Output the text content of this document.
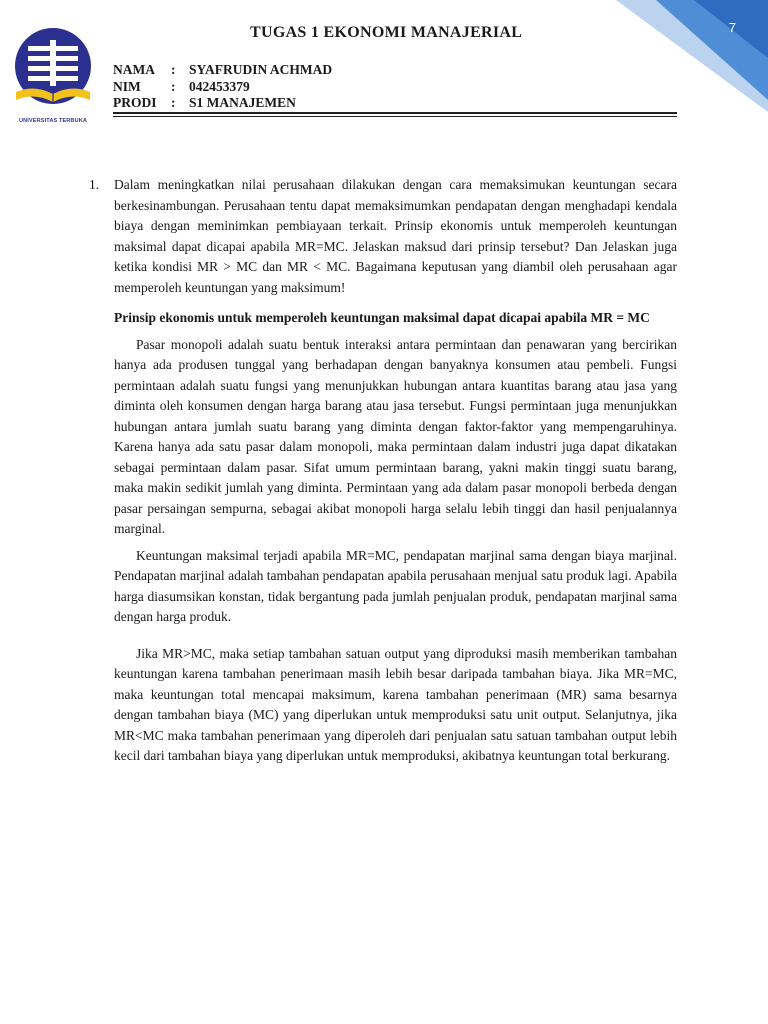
7
UNIVERSITAS TERBUKA
TUGAS 1 EKONOMI MANAJERIAL
NAMA	:	SYAFRUDIN ACHMAD
NIM	:	042453379
PRODI	:	S1 MANAJEMEN
1. Dalam meningkatkan nilai perusahaan dilakukan dengan cara memaksimukan keuntungan secara berkesinambungan. Perusahaan tentu dapat memaksimumkan pendapatan dengan menghadapi kendala biaya dengan meminimkan pembiayaan terkait. Prinsip ekonomis untuk memperoleh keuntungan maksimal dapat dicapai apabila MR=MC. Jelaskan maksud dari prinsip tersebut? Dan Jelaskan juga ketika kondisi MR > MC dan MR < MC. Bagaimana keputusan yang diambil oleh perusahaan agar memperoleh keuntungan yang maksimum!

Prinsip ekonomis untuk memperoleh keuntungan maksimal dapat dicapai apabila MR = MC

Pasar monopoli adalah suatu bentuk interaksi antara permintaan dan penawaran yang bercirikan hanya ada produsen tunggal yang berhadapan dengan banyaknya konsumen atau pembeli. Fungsi permintaan adalah suatu fungsi yang menunjukkan hubungan antara kuantitas barang atau jasa yang diminta oleh konsumen dengan harga barang atau jasa tersebut. Fungsi permintaan juga menunjukkan hubungan antara jumlah suatu barang yang diminta dengan faktor-faktor yang mempengaruhinya. Karena hanya ada satu pasar dalam monopoli, maka permintaan dalam industri juga dapat dikatakan sebagai permintaan dalam pasar. Sifat umum permintaan barang, yakni makin tinggi suatu barang, maka makin sedikit jumlah yang diminta. Permintaan yang ada dalam pasar monopoli berbeda dengan pasar persaingan sempurna, sebagai akibat monopoli harga selalu lebih tinggi dan hasil penjualannya marginal.

Keuntungan maksimal terjadi apabila MR=MC, pendapatan marjinal sama dengan biaya marjinal. Pendapatan marjinal adalah tambahan pendapatan apabila perusahaan menjual satu produk lagi. Apabila harga diasumsikan konstan, tidak bergantung pada jumlah penjualan produk, pendapatan marjinal sama dengan harga produk.

Jika MR>MC, maka setiap tambahan satuan output yang diproduksi masih memberikan tambahan keuntungan karena tambahan penerimaan masih lebih besar daripada tambahan biaya. Jika MR=MC, maka keuntungan total mencapai maksimum, karena tambahan penerimaan (MR) sama besarnya dengan tambahan biaya (MC) yang diperlukan untuk memproduksi satu unit output. Selanjutnya, jika MR<MC maka tambahan penerimaan yang diperoleh dari penjualan satu satuan tambahan output lebih kecil dari tambahan biaya yang diperlukan untuk memproduksi, akibatnya keuntungan total berkurang.
